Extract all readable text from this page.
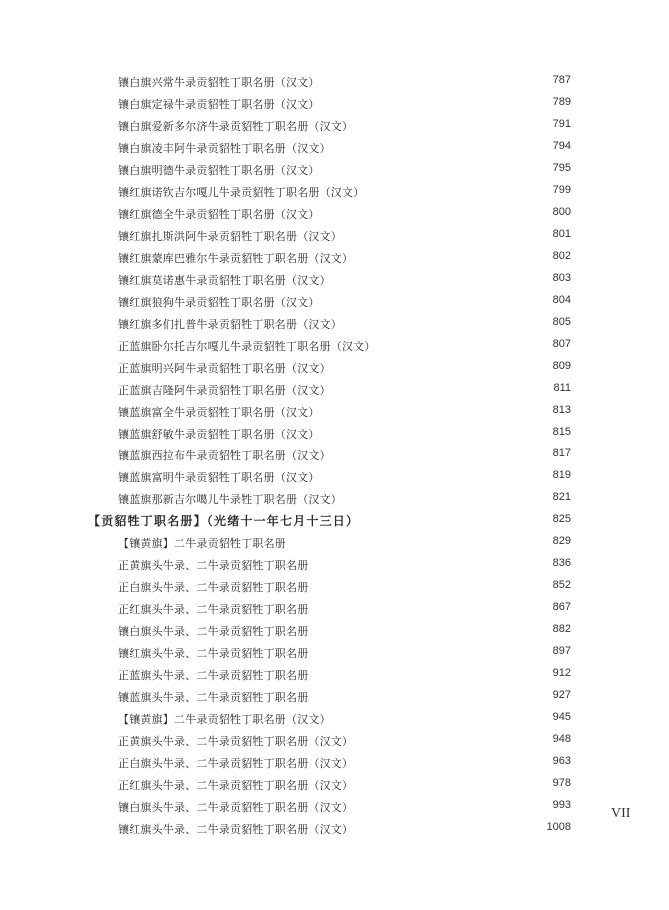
镶白旗兴常牛录贡貂牲丁职名册（汉文）	787
镶白旗定禄牛录贡貂牲丁职名册（汉文）	789
镶白旗爱新多尔济牛录贡貂牲丁职名册（汉文）	791
镶白旗凌丰阿牛录贡貂牲丁职名册（汉文）	794
镶白旗明德牛录贡貂牲丁职名册（汉文）	795
镶红旗诺钦吉尔嘎儿牛录贡貂牲丁职名册（汉文）	799
镶红旗德全牛录贡貂牲丁职名册（汉文）	800
镶红旗扎斯洪阿牛录贡貂牲丁职名册（汉文）	801
镶红旗蒙库巴雅尔牛录贡貂牲丁职名册（汉文）	802
镶红旗莫诺惠牛录贡貂牲丁职名册（汉文）	803
镶红旗狼狗牛录贡貂牲丁职名册（汉文）	804
镶红旗多们扎普牛录贡貂牲丁职名册（汉文）	805
正蓝旗卧尔托吉尔嘎儿牛录贡貂牲丁职名册（汉文）	807
正蓝旗明兴阿牛录贡貂牲丁职名册（汉文）	809
正蓝旗吉隆阿牛录贡貂牲丁职名册（汉文）	811
镶蓝旗富全牛录贡貂牲丁职名册（汉文）	813
镶蓝旗舒敏牛录贡貂牲丁职名册（汉文）	815
镶蓝旗西拉布牛录贡貂牲丁职名册（汉文）	817
镶蓝旗富明牛录贡貂牲丁职名册（汉文）	819
镶蓝旗那新吉尔噶儿牛录牲丁职名册（汉文）	821
【贡貂牲丁职名册】（光绪十一年七月十三日）	825
【镶黄旗】二牛录贡貂牲丁职名册	829
正黄旗头牛录、二牛录贡貂牲丁职名册	836
正白旗头牛录、二牛录贡貂牲丁职名册	852
正红旗头牛录、二牛录贡貂牲丁职名册	867
镶白旗头牛录、二牛录贡貂牲丁职名册	882
镶红旗头牛录、二牛录贡貂牲丁职名册	897
正蓝旗头牛录、二牛录贡貂牲丁职名册	912
镶蓝旗头牛录、二牛录贡貂牲丁职名册	927
【镶黄旗】二牛录贡貂牲丁职名册（汉文）	945
正黄旗头牛录、二牛录贡貂牲丁职名册（汉文）	948
正白旗头牛录、二牛录贡貂牲丁职名册（汉文）	963
正红旗头牛录、二牛录贡貂牲丁职名册（汉文）	978
镶白旗头牛录、二牛录贡貂牲丁职名册（汉文）	993
镶红旗头牛录、二牛录贡貂牲丁职名册（汉文）	1008
VII
